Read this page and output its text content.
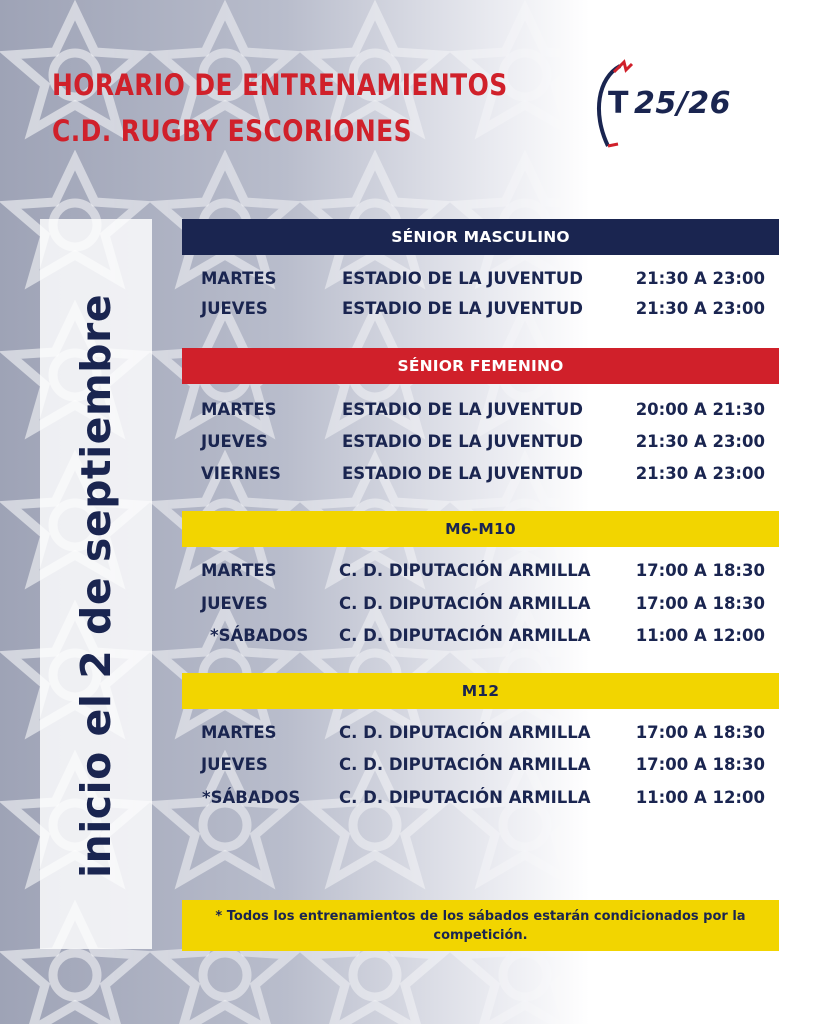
HORARIO DE ENTRENAMIENTOS
C.D. RUGBY ESCORIONES
T 25/26
inicio el 2 de septiembre
SÉNIOR MASCULINO
MARTES	ESTADIO DE LA JUVENTUD	21:30 A 23:00
JUEVES	ESTADIO DE LA JUVENTUD	21:30 A 23:00
SÉNIOR FEMENINO
MARTES	ESTADIO DE LA JUVENTUD	20:00 A 21:30
JUEVES	ESTADIO DE LA JUVENTUD	21:30 A 23:00
VIERNES	ESTADIO DE LA JUVENTUD	21:30 A 23:00
M6-M10
MARTES	C. D. DIPUTACIÓN ARMILLA	17:00 A 18:30
JUEVES	C. D. DIPUTACIÓN ARMILLA	17:00 A 18:30
*SÁBADOS C. D. DIPUTACIÓN ARMILLA	11:00 A 12:00
M12
MARTES	C. D. DIPUTACIÓN ARMILLA	17:00 A 18:30
JUEVES	C. D. DIPUTACIÓN ARMILLA	17:00 A 18:30
*SÁBADOS C. D. DIPUTACIÓN ARMILLA	11:00 A 12:00
* Todos los entrenamientos de los sábados estarán condicionados por la competición.
